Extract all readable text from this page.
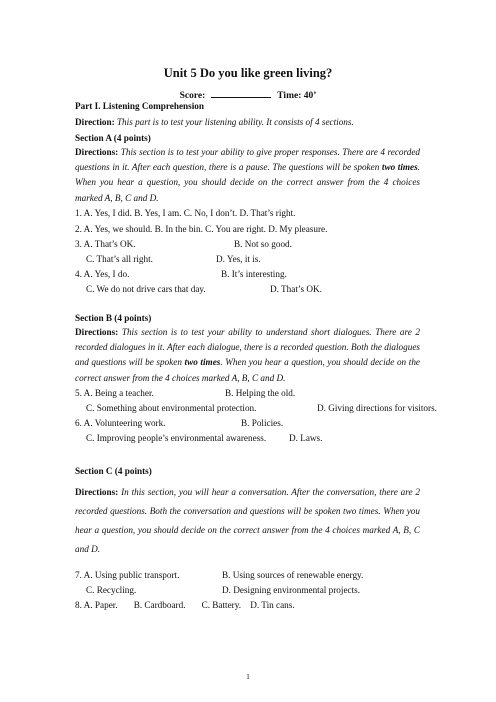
Unit 5 Do you like green living?
Score:	Time: 40’
Part I. Listening Comprehension
Direction: This part is to test your listening ability. It consists of 4 sections.
Section A (4 points)
Directions: This section is to test your ability to give proper responses. There are 4 recorded questions in it. After each question, there is a pause. The questions will be spoken two times. When you hear a question, you should decide on the correct answer from the 4 choices marked A, B, C and D.
1. A. Yes, I did. B. Yes, I am. C. No, I don’t. D. That’s right.
2. A. Yes, we should. B. In the bin. C. You are right. D. My pleasure.
3. A. That’s OK.	B. Not so good.
C. That’s all right.	D. Yes, it is.
4. A. Yes, I do.	B. It’s interesting.
C. We do not drive cars that day.	D. That’s OK.
Section B (4 points)
Directions: This section is to test your ability to understand short dialogues. There are 2 recorded dialogues in it. After each dialogue, there is a recorded question. Both the dialogues and questions will be spoken two times. When you hear a question, you should decide on the correct answer from the 4 choices marked A, B, C and D.
5. A. Being a teacher.	B. Helping the old.
C. Something about environmental protection.	D. Giving directions for visitors.
6. A. Volunteering work.	B. Policies.
C. Improving people’s environmental awareness. D. Laws.
Section C (4 points)
Directions: In this section, you will hear a conversation. After the conversation, there are 2 recorded questions. Both the conversation and questions will be spoken two times. When you hear a question, you should decide on the correct answer from the 4 choices marked A, B, C and D.
7. A. Using public transport.	B. Using sources of renewable energy.
C. Recycling.	D. Designing environmental projects.
8. A. Paper.       B. Cardboard.       C. Battery.    D. Tin cans.
1
